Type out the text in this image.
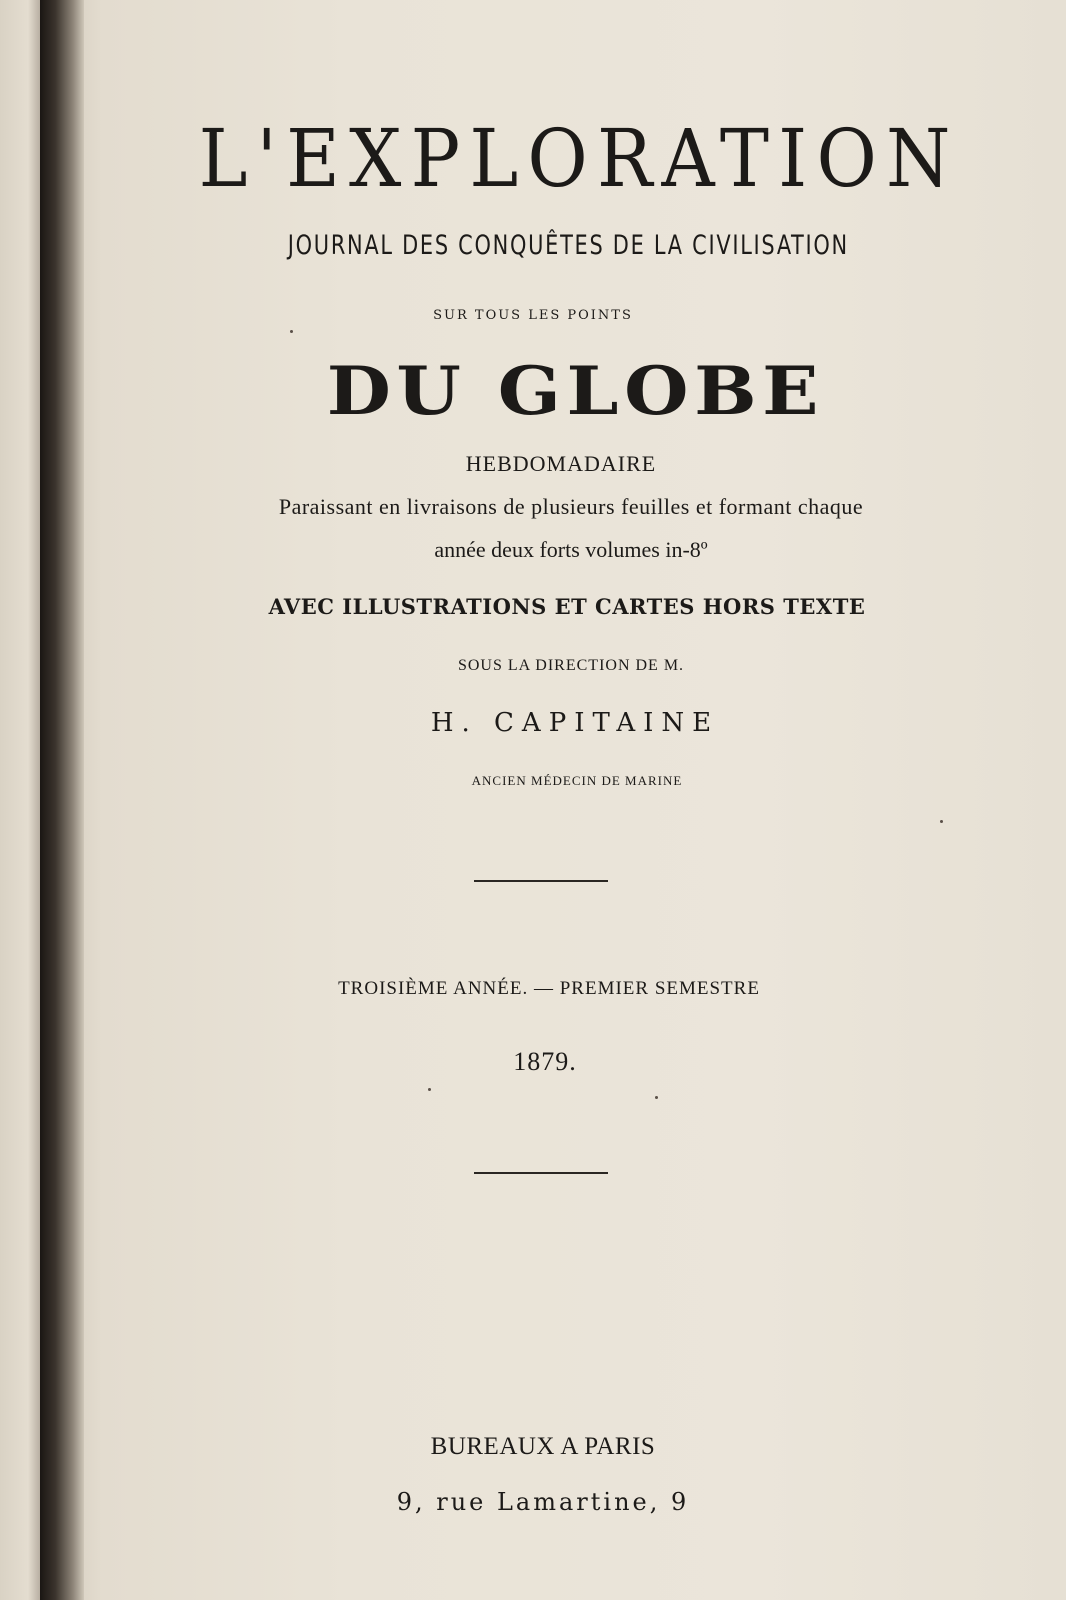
L'EXPLORATION
JOURNAL DES CONQUÊTES DE LA CIVILISATION
SUR TOUS LES POINTS
DU GLOBE
HEBDOMADAIRE
Paraissant en livraisons de plusieurs feuilles et formant chaque
année deux forts volumes in-8º
AVEC ILLUSTRATIONS ET CARTES HORS TEXTE
SOUS LA DIRECTION DE M.
H. CAPITAINE
ANCIEN MÉDECIN DE MARINE
TROISIÈME ANNÉE. — PREMIER SEMESTRE
1879.
BUREAUX A PARIS
9, rue Lamartine, 9
